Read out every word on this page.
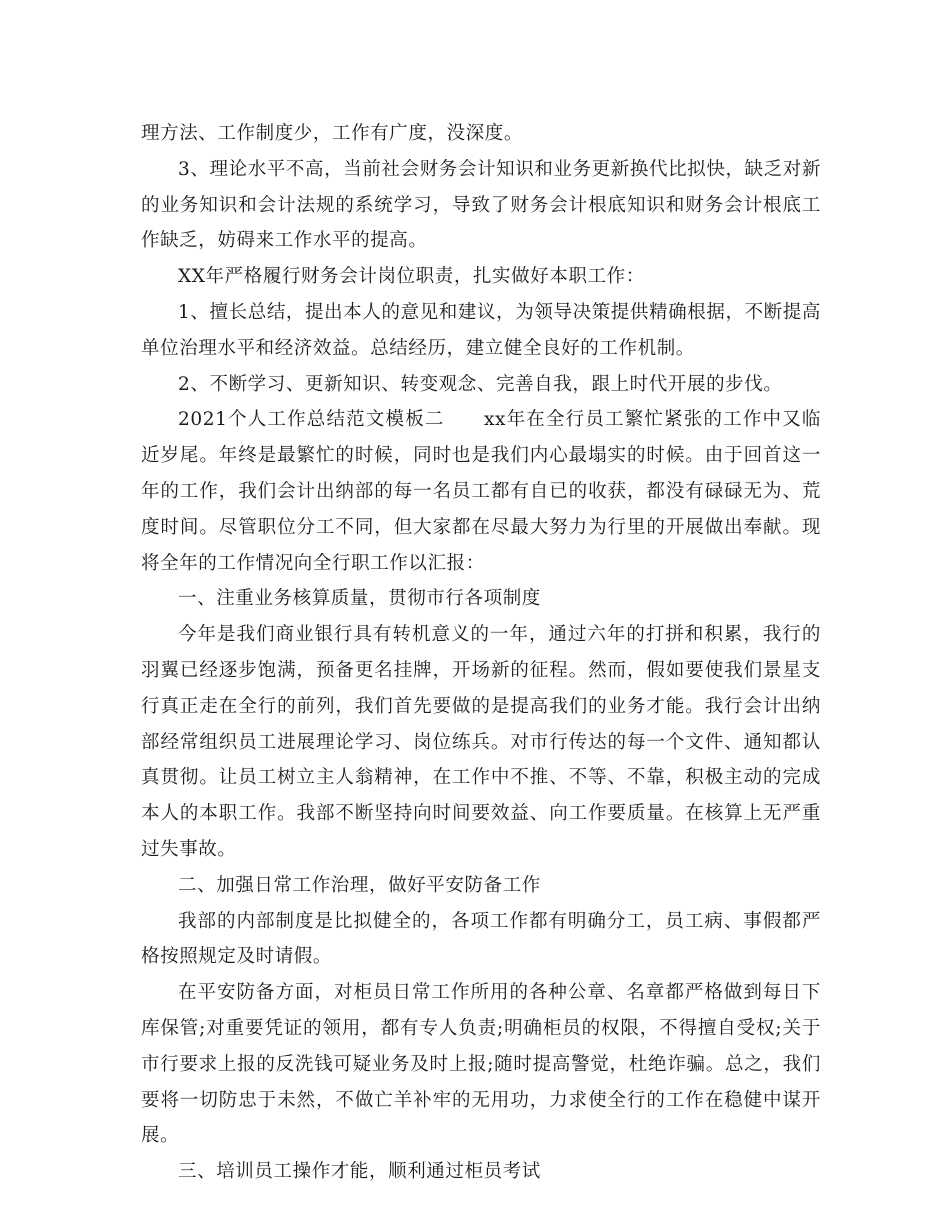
理方法、工作制度少，工作有广度，没深度。

3、理论水平不高，当前社会财务会计知识和业务更新换代比拟快，缺乏对新的业务知识和会计法规的系统学习，导致了财务会计根底知识和财务会计根底工作缺乏，妨碍来工作水平的提高。

XX年严格履行财务会计岗位职责，扎实做好本职工作：

1、擅长总结，提出本人的意见和建议，为领导决策提供精确根据，不断提高单位治理水平和经济效益。总结经历，建立健全良好的工作机制。

2、不断学习、更新知识、转变观念、完善自我，跟上时代开展的步伐。

2021个人工作总结范文模板二　　xx年在全行员工繁忙紧张的工作中又临近岁尾。年终是最繁忙的时候，同时也是我们内心最塌实的时候。由于回首这一年的工作，我们会计出纳部的每一名员工都有自已的收获，都没有碌碌无为、荒度时间。尽管职位分工不同，但大家都在尽最大努力为行里的开展做出奉献。现将全年的工作情况向全行职工作以汇报：

一、注重业务核算质量，贯彻市行各项制度

今年是我们商业银行具有转机意义的一年，通过六年的打拼和积累，我行的羽翼已经逐步饱满，预备更名挂牌，开场新的征程。然而，假如要使我们景星支行真正走在全行的前列，我们首先要做的是提高我们的业务才能。我行会计出纳部经常组织员工进展理论学习、岗位练兵。对市行传达的每一个文件、通知都认真贯彻。让员工树立主人翁精神，在工作中不推、不等、不靠，积极主动的完成本人的本职工作。我部不断坚持向时间要效益、向工作要质量。在核算上无严重过失事故。

二、加强日常工作治理，做好平安防备工作

我部的内部制度是比拟健全的，各项工作都有明确分工，员工病、事假都严格按照规定及时请假。

在平安防备方面，对柜员日常工作所用的各种公章、名章都严格做到每日下库保管;对重要凭证的领用，都有专人负责;明确柜员的权限，不得擅自受权;关于市行要求上报的反洗钱可疑业务及时上报;随时提高警觉，杜绝诈骗。总之，我们要将一切防忠于未然，不做亡羊补牢的无用功，力求使全行的工作在稳健中谋开展。

三、培训员工操作才能，顺利通过柜员考试
